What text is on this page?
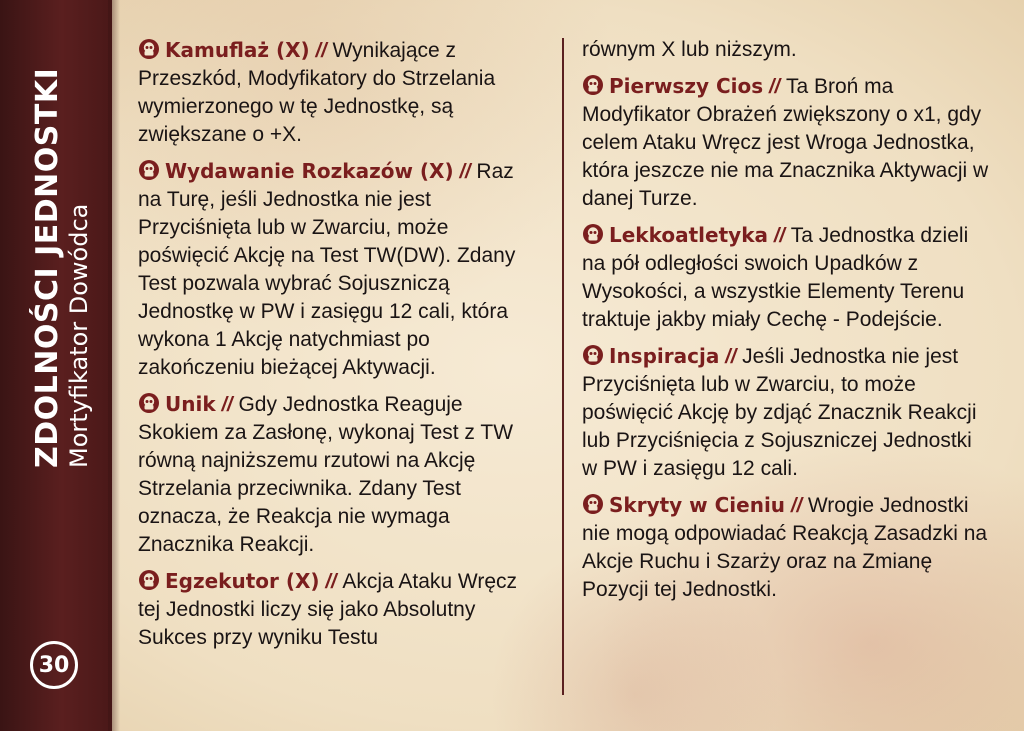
ZDOLNOŚCI JEDNOSTKI Mortyfikator Dowódca
30
Kamuflaż (X) // Wynikające z Przeszkód, Modyfikatory do Strzelania wymierzonego w tę Jednostkę, są zwiększane o +X.
Wydawanie Rozkazów (X) // Raz na Turę, jeśli Jednostka nie jest Przyciśnięta lub w Zwarciu, może poświęcić Akcję na Test TW(DW). Zdany Test pozwala wybrać Sojuszniczą Jednostkę w PW i zasięgu 12 cali, która wykona 1 Akcję natychmiast po zakończeniu bieżącej Aktywacji.
Unik // Gdy Jednostka Reaguje Skokiem za Zasłonę, wykonaj Test z TW równą najniższemu rzutowi na Akcję Strzelania przeciwnika. Zdany Test oznacza, że Reakcja nie wymaga Znacznika Reakcji.
Egzekutor (X) // Akcja Ataku Wręcz tej Jednostki liczy się jako Absolutny Sukces przy wyniku Testu
równym X lub niższym.
Pierwszy Cios // Ta Broń ma Modyfikator Obrażeń zwiększony o x1, gdy celem Ataku Wręcz jest Wroga Jednostka, która jeszcze nie ma Znacznika Aktywacji w danej Turze.
Lekkoatletyka // Ta Jednostka dzieli na pół odległości swoich Upadków z Wysokości, a wszystkie Elementy Terenu traktuje jakby miały Cechę - Podejście.
Inspiracja // Jeśli Jednostka nie jest Przyciśnięta lub w Zwarciu, to może poświęcić Akcję by zdjąć Znacznik Reakcji lub Przyciśnięcia z Sojuszniczej Jednostki w PW i zasięgu 12 cali.
Skryty w Cieniu // Wrogie Jednostki nie mogą odpowiadać Reakcją Zasadzki na Akcje Ruchu i Szarży oraz na Zmianę Pozycji tej Jednostki.
